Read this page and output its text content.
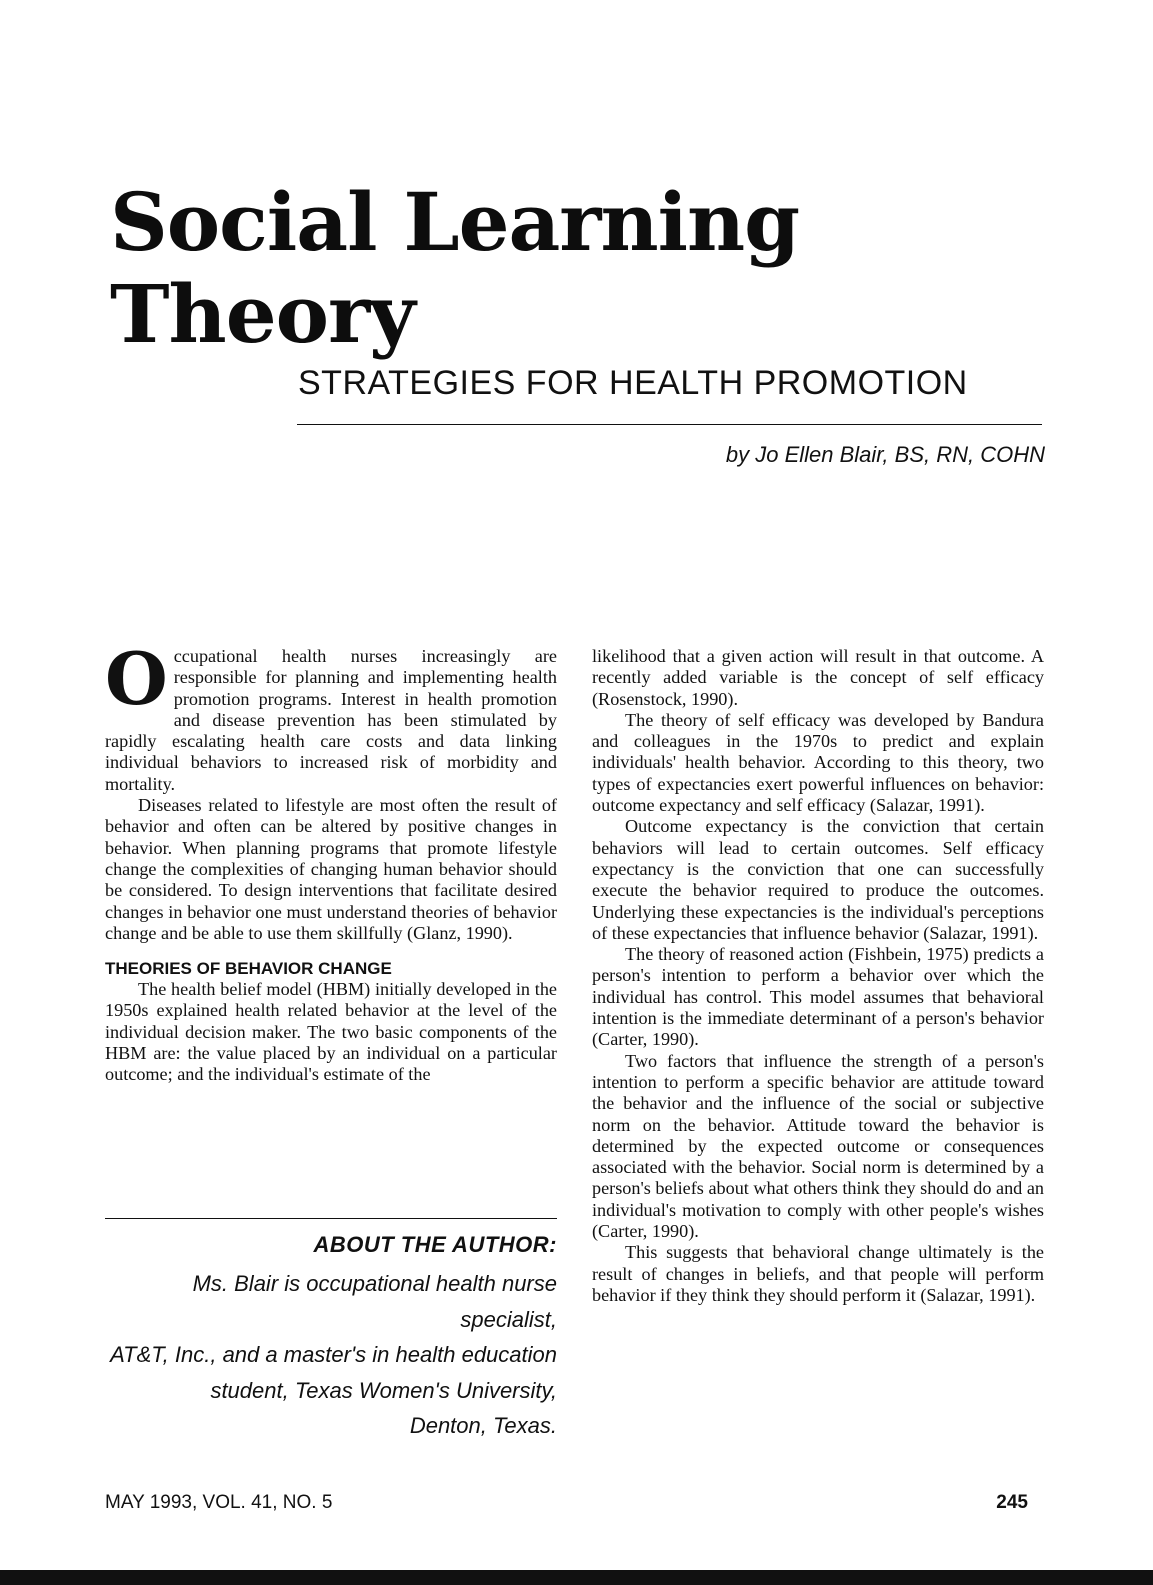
Social Learning
Theory
STRATEGIES FOR HEALTH PROMOTION
by Jo Ellen Blair, BS, RN, COHN

Occupational health nurses increasingly are responsible for planning and implementing health promotion programs. Interest in health promotion and disease prevention has been stimulated by rapidly escalating health care costs and data linking individual behaviors to increased risk of morbidity and mortality.

Diseases related to lifestyle are most often the result of behavior and often can be altered by positive changes in behavior. When planning programs that promote lifestyle change the complexities of changing human behavior should be considered. To design interventions that facilitate desired changes in behavior one must understand theories of behavior change and be able to use them skillfully (Glanz, 1990).

THEORIES OF BEHAVIOR CHANGE

The health belief model (HBM) initially developed in the 1950s explained health related behavior at the level of the individual decision maker. The two basic components of the HBM are: the value placed by an individual on a particular outcome; and the individual's estimate of the

ABOUT THE AUTHOR:
Ms. Blair is occupational health nurse specialist,
AT&T, Inc., and a master's in health education
student, Texas Women's University,
Denton, Texas.

likelihood that a given action will result in that outcome. A recently added variable is the concept of self efficacy (Rosenstock, 1990).

The theory of self efficacy was developed by Bandura and colleagues in the 1970s to predict and explain individuals' health behavior. According to this theory, two types of expectancies exert powerful influences on behavior: outcome expectancy and self efficacy (Salazar, 1991).

Outcome expectancy is the conviction that certain behaviors will lead to certain outcomes. Self efficacy expectancy is the conviction that one can successfully execute the behavior required to produce the outcomes. Underlying these expectancies is the individual's perceptions of these expectancies that influence behavior (Salazar, 1991).

The theory of reasoned action (Fishbein, 1975) predicts a person's intention to perform a behavior over which the individual has control. This model assumes that behavioral intention is the immediate determinant of a person's behavior (Carter, 1990).

Two factors that influence the strength of a person's intention to perform a specific behavior are attitude toward the behavior and the influence of the social or subjective norm on the behavior. Attitude toward the behavior is determined by the expected outcome or consequences associated with the behavior. Social norm is determined by a person's beliefs about what others think they should do and an individual's motivation to comply with other people's wishes (Carter, 1990).

This suggests that behavioral change ultimately is the result of changes in beliefs, and that people will perform behavior if they think they should perform it (Salazar, 1991).

MAY 1993, VOL. 41, NO. 5	245
